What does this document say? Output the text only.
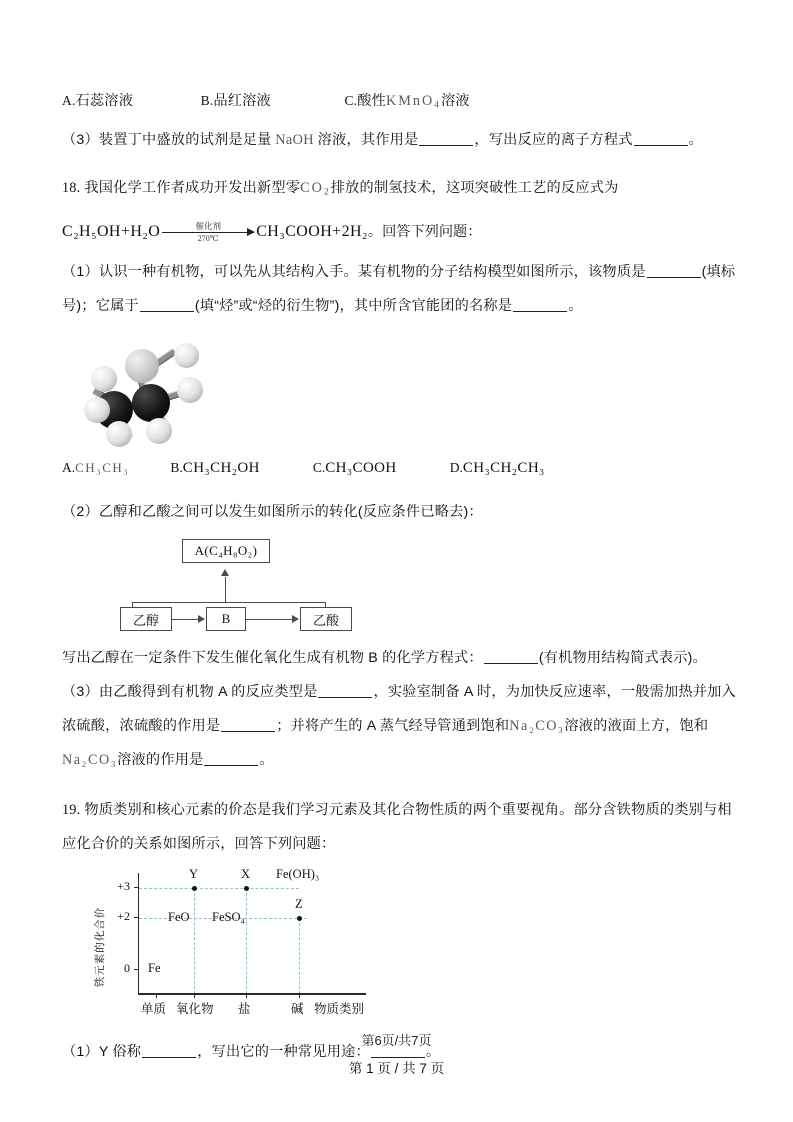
A.石蕊溶液	B.品红溶液	C.酸性KMnO$_4$溶液
（3）装置丁中盛放的试剂是足量 NaOH 溶液，其作用是	，写出反应的离子方程式	。
18. 我国化学工作者成功开发出新型零$CO_2$排放的制氢技术，这项突破性工艺的反应式为
C₂H₅OH+H₂O	催化剂
270℃ CH₃COOH+2H₂ 。回答下列问题：
（1）认识一种有机物，可以先从其结构入手。某有机物的分子结构模型如图所示，该物质是	(填标
号)；它属于	(填“烃”或“烃的衍生物”)，其中所含官能团的名称是	。
A.CH₃CH₃	B.CH₃CH₂OH	C.CH₃COOH	D.CH₃CH₂CH₃
（2）乙醇和乙酸之间可以发生如图所示的转化(反应条件已略去)：
A(C₄H₈O₂)
乙醇	B	乙酸
写出乙醇在一定条件下发生催化氧化生成有机物 B 的化学方程式：	(有机物用结构简式表示)。
（3）由乙酸得到有机物 A 的反应类型是	，实验室制备 A 时，为加快反应速率，一般需加热并加入
浓硫酸，浓硫酸的作用是	；并将产生的 A 蒸气经导管通到饱和Na₂CO₃溶液的液面上方，饱和
Na₂CO₃溶液的作用是	。
19. 物质类别和核心元素的价态是我们学习元素及其化合物性质的两个重要视角。部分含铁物质的类别与相
应化合价的关系如图所示，回答下列问题：
铁元素的化合价
+3
+2
0
单质 氧化物 盐	碱 物质类别
Fe
FeO
Y
FeSO₄
X
Z
Fe(OH)₃
（1）Y 俗称	，写出它的一种常见用途：	。
第6页/共7页
第 1 页 / 共 7 页
